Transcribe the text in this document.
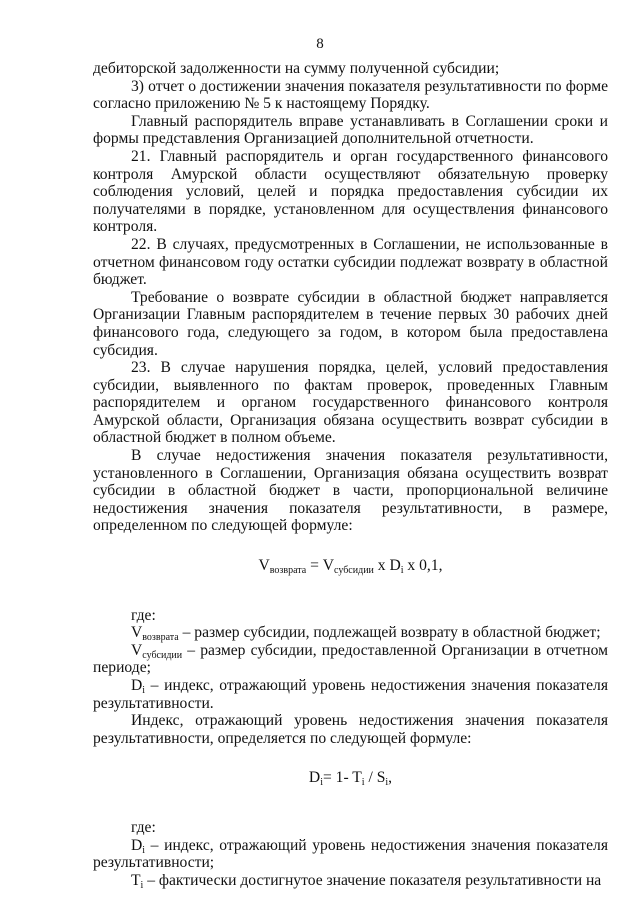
8

дебиторской задолженности на сумму полученной субсидии;

3) отчет о достижении значения показателя результативности по форме согласно приложению № 5 к настоящему Порядку.

Главный распорядитель вправе устанавливать в Соглашении сроки и формы представления Организацией дополнительной отчетности.

21. Главный распорядитель и орган государственного финансового контроля Амурской области осуществляют обязательную проверку соблюдения условий, целей и порядка предоставления субсидии их получателями в порядке, установленном для осуществления финансового контроля.

22. В случаях, предусмотренных в Соглашении, не использованные в отчетном финансовом году остатки субсидии подлежат возврату в областной бюджет.

Требование о возврате субсидии в областной бюджет направляется Организации Главным распорядителем в течение первых 30 рабочих дней финансового года, следующего за годом, в котором была предоставлена субсидия.

23. В случае нарушения порядка, целей, условий предоставления субсидии, выявленного по фактам проверок, проведенных Главным распорядителем и органом государственного финансового контроля Амурской области, Организация обязана осуществить возврат субсидии в областной бюджет в полном объеме.

В случае недостижения значения показателя результативности, установленного в Соглашении, Организация обязана осуществить возврат субсидии в областной бюджет в части, пропорциональной величине недостижения значения показателя результативности, в размере, определенном по следующей формуле:

$V_{возврата} = V_{субсидии}$ x $D_i$ x 0,1,

где:

$V_{возврата}$ – размер субсидии, подлежащей возврату в областной бюджет;

$V_{субсидии}$ – размер субсидии, предоставленной Организации в отчетном периоде;

$D_i$ – индекс, отражающий уровень недостижения значения показателя результативности.

Индекс, отражающий уровень недостижения значения показателя результативности, определяется по следующей формуле:

$D_i= 1-$ $T_i / S_i$,

где:

$D_i$ – индекс, отражающий уровень недостижения значения показателя результативности;

$T_i$ – фактически достигнутое значение показателя результативности на
